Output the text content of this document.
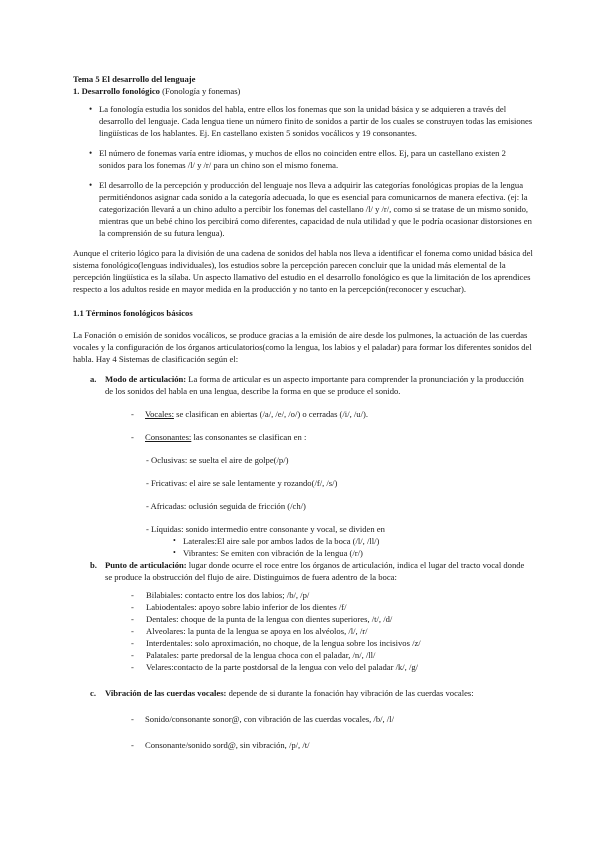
Tema 5 El desarrollo del lenguaje

1. Desarrollo fonológico (Fonología y fonemas)

• La fonología estudia los sonidos del habla, entre ellos los fonemas que son la unidad básica y se adquieren a través del desarrollo del lenguaje. Cada lengua tiene un número finito de sonidos a partir de los cuales se construyen todas las emisiones lingüísticas de los hablantes. Ej. En castellano existen 5 sonidos vocálicos y 19 consonantes.
• El número de fonemas varía entre idiomas, y muchos de ellos no coinciden entre ellos. Ej, para un castellano existen 2 sonidos para los fonemas /l/ y /r/ para un chino son el mismo fonema.
• El desarrollo de la percepción y producción del lenguaje nos lleva a adquirir las categorías fonológicas propias de la lengua permitiéndonos asignar cada sonido a la categoría adecuada, lo que es esencial para comunicarnos de manera efectiva. (ej: la categorización llevará a un chino adulto a percibir los fonemas del castellano /l/ y /r/, como si se tratase de un mismo sonido, mientras que un bebé chino los percibirá como diferentes, capacidad de nula utilidad y que le podría ocasionar distorsiones en la comprensión de su futura lengua).

Aunque el criterio lógico para la división de una cadena de sonidos del habla nos lleva a identificar el fonema como unidad básica del sistema fonológico(lenguas individuales), los estudios sobre la percepción parecen concluir que la unidad más elemental de la percepción lingüística es la sílaba. Un aspecto llamativo del estudio en el desarrollo fonológico es que la limitación de los aprendices respecto a los adultos reside en mayor medida en la producción y no tanto en la percepción(reconocer y escuchar).

1.1 Términos fonológicos básicos

La Fonación o emisión de sonidos vocálicos, se produce gracias a la emisión de aire desde los pulmones, la actuación de las cuerdas vocales y la configuración de los órganos articulatorios(como la lengua, los labios y el paladar) para formar los diferentes sonidos del habla. Hay 4 Sistemas de clasificación según el:

a. Modo de articulación: La forma de articular es un aspecto importante para comprender la pronunciación y la producción de los sonidos del habla en una lengua, describe la forma en que se produce el sonido.
- Vocales: se clasifican en abiertas (/a/, /e/, /o/) o cerradas (/i/, /u/).
- Consonantes: las consonantes se clasifican en :
- Oclusivas: se suelta el aire de golpe(/p/)
- Fricativas: el aire se sale lentamente y rozando(/f/, /s/)
- Africadas: oclusión seguida de fricción (/ch/)
- Líquidas: sonido intermedio entre consonante y vocal, se dividen en
• Laterales:El aire sale por ambos lados de la boca (/l/, /ll/)
• Vibrantes: Se emiten con vibración de la lengua (/r/)
b. Punto de articulación: lugar donde ocurre el roce entre los órganos de articulación, indica el lugar del tracto vocal donde se produce la obstrucción del flujo de aire. Distinguimos de fuera adentro de la boca:
- Bilabiales: contacto entre los dos labios; /b/, /p/
- Labiodentales: apoyo sobre labio inferior de los dientes /f/
- Dentales: choque de la punta de la lengua con dientes superiores, /t/, /d/
- Alveolares: la punta de la lengua se apoya en los alvéolos, /l/, /r/
- Interdentales: solo aproximación, no choque, de la lengua sobre los incisivos /z/
- Palatales: parte predorsal de la lengua choca con el paladar, /n/, /ll/
- Velares:contacto de la parte postdorsal de la lengua con velo del paladar /k/, /g/
c. Vibración de las cuerdas vocales: depende de si durante la fonación hay vibración de las cuerdas vocales:
- Sonido/consonante sonor@, con vibración de las cuerdas vocales, /b/, /l/
- Consonante/sonido sord@, sin vibración, /p/, /t/
